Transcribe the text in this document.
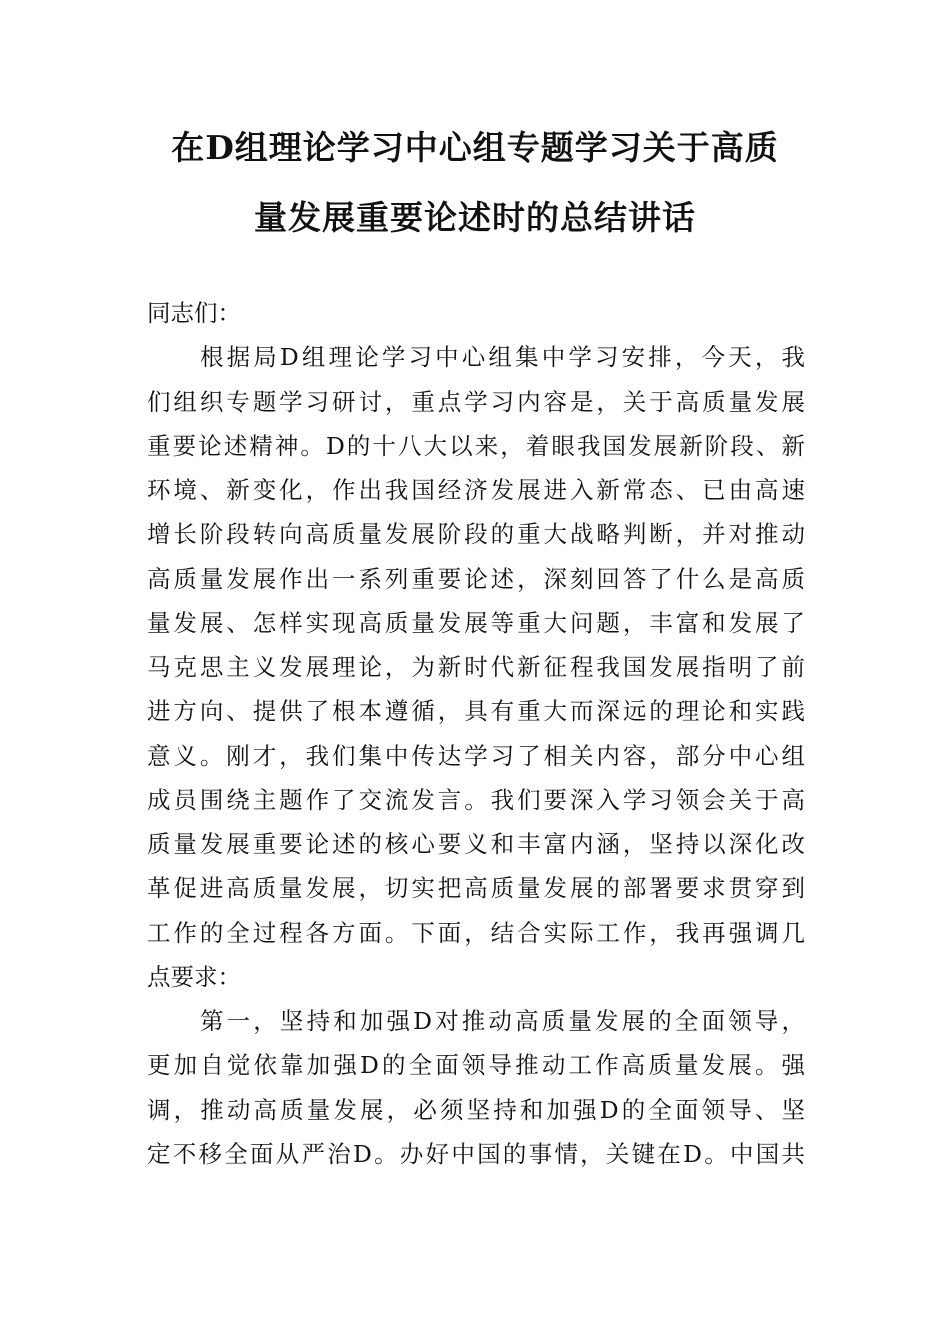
在D组理论学习中心组专题学习关于高质
量发展重要论述时的总结讲话
同志们：
根据局D组理论学习中心组集中学习安排，今天，我
们组织专题学习研讨，重点学习内容是，关于高质量发展
重要论述精神。D的十八大以来，着眼我国发展新阶段、新
环境、新变化，作出我国经济发展进入新常态、已由高速
增长阶段转向高质量发展阶段的重大战略判断，并对推动
高质量发展作出一系列重要论述，深刻回答了什么是高质
量发展、怎样实现高质量发展等重大问题，丰富和发展了
马克思主义发展理论，为新时代新征程我国发展指明了前
进方向、提供了根本遵循，具有重大而深远的理论和实践
意义。刚才，我们集中传达学习了相关内容，部分中心组
成员围绕主题作了交流发言。我们要深入学习领会关于高
质量发展重要论述的核心要义和丰富内涵，坚持以深化改
革促进高质量发展，切实把高质量发展的部署要求贯穿到
工作的全过程各方面。下面，结合实际工作，我再强调几
点要求：
第一，坚持和加强D对推动高质量发展的全面领导，
更加自觉依靠加强D的全面领导推动工作高质量发展。强
调，推动高质量发展，必须坚持和加强D的全面领导、坚
定不移全面从严治D。办好中国的事情，关键在D。中国共
